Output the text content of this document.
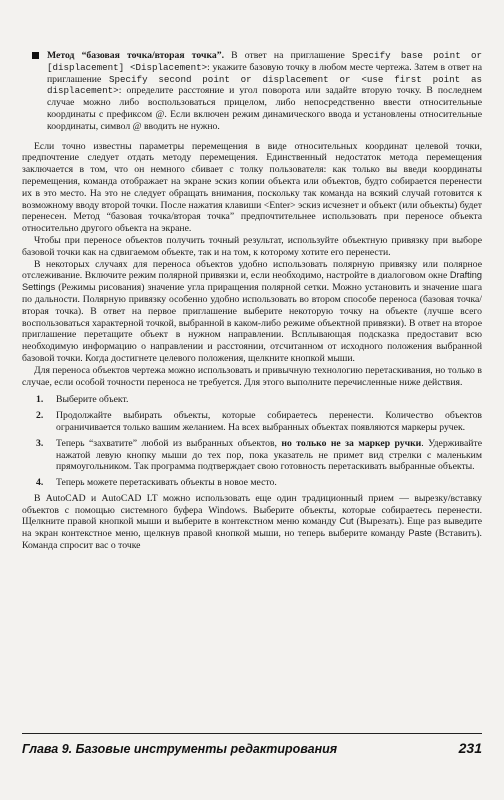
Метод “базовая точка/вторая точка”. В ответ на приглашение Specify base point or [displacement] <Displacement>: укажите базовую точку в любом месте чертежа. Затем в ответ на приглашение Specify second point or displacement or <use first point as displacement>: определите расстояние и угол поворота или задайте вторую точку. В последнем случае можно либо воспользоваться прицелом, либо непосредственно ввести относительные координаты с префиксом @. Если включен режим динамического ввода и установлены относительные координаты, символ @ вводить не нужно.

Если точно известны параметры перемещения в виде относительных координат целевой точки, предпочтение следует отдать методу перемещения. Единственный недостаток метода перемещения заключается в том, что он немного сбивает с толку пользователя: как только вы введи координаты перемещения, команда отображает на экране эскиз копии объекта или объектов, будто собирается перенести их в это место. На это не следует обращать внимания, поскольку так команда на всякий случай готовится к возможному вводу второй точки. После нажатия клавиши <Enter> эскиз исчезнет и объект (или объекты) будет перенесен. Метод “базовая точка/вторая точка” предпочтительнее использовать при переносе объекта относительно другого объекта на экране.

Чтобы при переносе объектов получить точный результат, используйте объектную привязку при выборе базовой точки как на сдвигаемом объекте, так и на том, к которому хотите его перенести.

В некоторых случаях для переноса объектов удобно использовать полярную привязку или полярное отслеживание. Включите режим полярной привязки и, если необходимо, настройте в диалоговом окне Drafting Settings (Режимы рисования) значение угла приращения полярной сетки. Можно установить и значение шага по дальности. Полярную привязку особенно удобно использовать во втором способе переноса (базовая точка/вторая точка). В ответ на первое приглашение выберите некоторую точку на объекте (лучше всего воспользоваться характерной точкой, выбранной в каком-либо режиме объектной привязки). В ответ на второе приглашение перетащите объект в нужном направлении. Всплывающая подсказка предоставит всю необходимую информацию о направлении и расстоянии, отсчитанном от исходного положения выбранной базовой точки. Когда достигнете целевого положения, щелкните кнопкой мыши.

Для переноса объектов чертежа можно использовать и привычную технологию перетаскивания, но только в случае, если особой точности переноса не требуется. Для этого выполните перечисленные ниже действия.

1.	Выберите объект.
2.	Продолжайте выбирать объекты, которые собираетесь перенести. Количество объектов ограничивается только вашим желанием. На всех выбранных объектах появляются маркеры ручек.
3.	Теперь “захватите” любой из выбранных объектов, но только не за маркер ручки. Удерживайте нажатой левую кнопку мыши до тех пор, пока указатель не примет вид стрелки с маленьким прямоугольником. Так программа подтверждает свою готовность перетаскивать выбранные объекты.
4.	Теперь можете перетаскивать объекты в новое место.

В AutoCAD и AutoCAD LT можно использовать еще один традиционный прием — вырезку/вставку объектов с помощью системного буфера Windows. Выберите объекты, которые собираетесь перенести. Щелкните правой кнопкой мыши и выберите в контекстном меню команду Cut (Вырезать). Еще раз выведите на экран контекстное меню, щелкнув правой кнопкой мыши, но теперь выберите команду Paste (Вставить). Команда спросит вас о точке

Глава 9. Базовые инструменты редактирования	231
